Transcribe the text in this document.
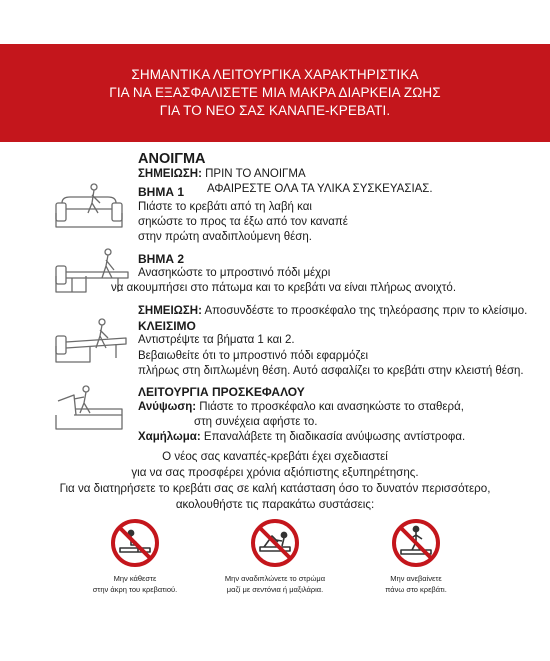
ΣΗΜΑΝΤΙΚΑ ΛΕΙΤΟΥΡΓΙΚΑ ΧΑΡΑΚΤΗΡΙΣΤΙΚΑ
ΓΙΑ ΝΑ ΕΞΑΣΦΑΛΙΣΕΤΕ ΜΙΑ ΜΑΚΡΑ ΔΙΑΡΚΕΙΑ ΖΩΗΣ
ΓΙΑ ΤΟ ΝΕΟ ΣΑΣ ΚΑΝΑΠΕ-ΚΡΕΒΑΤΙ.
ΑΝΟΙΓΜΑ
ΣΗΜΕΙΩΣΗ: ΠΡΙΝ ΤΟ ΑΝΟΙΓΜΑ
ΑΦΑΙΡΕΣΤΕ ΟΛΑ ΤΑ ΥΛΙΚΑ ΣΥΣΚΕΥΑΣΙΑΣ.
ΒΗΜΑ 1
Πιάστε το κρεβάτι από τη λαβή και
σηκώστε το προς τα έξω από τον καναπέ
στην πρώτη αναδιπλούμενη θέση.
ΒΗΜΑ 2
Ανασηκώστε το μπροστινό πόδι μέχρι
να ακουμπήσει στο πάτωμα και το κρεβάτι να είναι πλήρως ανοιχτό.
ΣΗΜΕΙΩΣΗ: Αποσυνδέστε το προσκέφαλο της τηλεόρασης πριν το κλείσιμο.
ΚΛΕΙΣΙΜΟ
Αντιστρέψτε τα βήματα 1 και 2.
Βεβαιωθείτε ότι το μπροστινό πόδι εφαρμόζει
πλήρως στη διπλωμένη θέση. Αυτό ασφαλίζει το κρεβάτι στην κλειστή θέση.
ΛΕΙΤΟΥΡΓΙΑ ΠΡΟΣΚΕΦΑΛΟΥ
Ανύψωση: Πιάστε το προσκέφαλο και ανασηκώστε το σταθερά,
στη συνέχεια αφήστε το.
Χαμήλωμα: Επαναλάβετε τη διαδικασία ανύψωσης αντίστροφα.
Ο νέος σας καναπές-κρεβάτι έχει σχεδιαστεί
για να σας προσφέρει χρόνια αξιόπιστης εξυπηρέτησης.
Για να διατηρήσετε το κρεβάτι σας σε καλή κατάσταση όσο το δυνατόν περισσότερο,
ακολουθήστε τις παρακάτω συστάσεις:
Μην κάθεστε
στην άκρη του κρεβατιού.
Μην αναδιπλώνετε το στρώμα
μαζί με σεντόνια ή μαξιλάρια.
Μην ανεβαίνετε
πάνω στο κρεβάτι.
